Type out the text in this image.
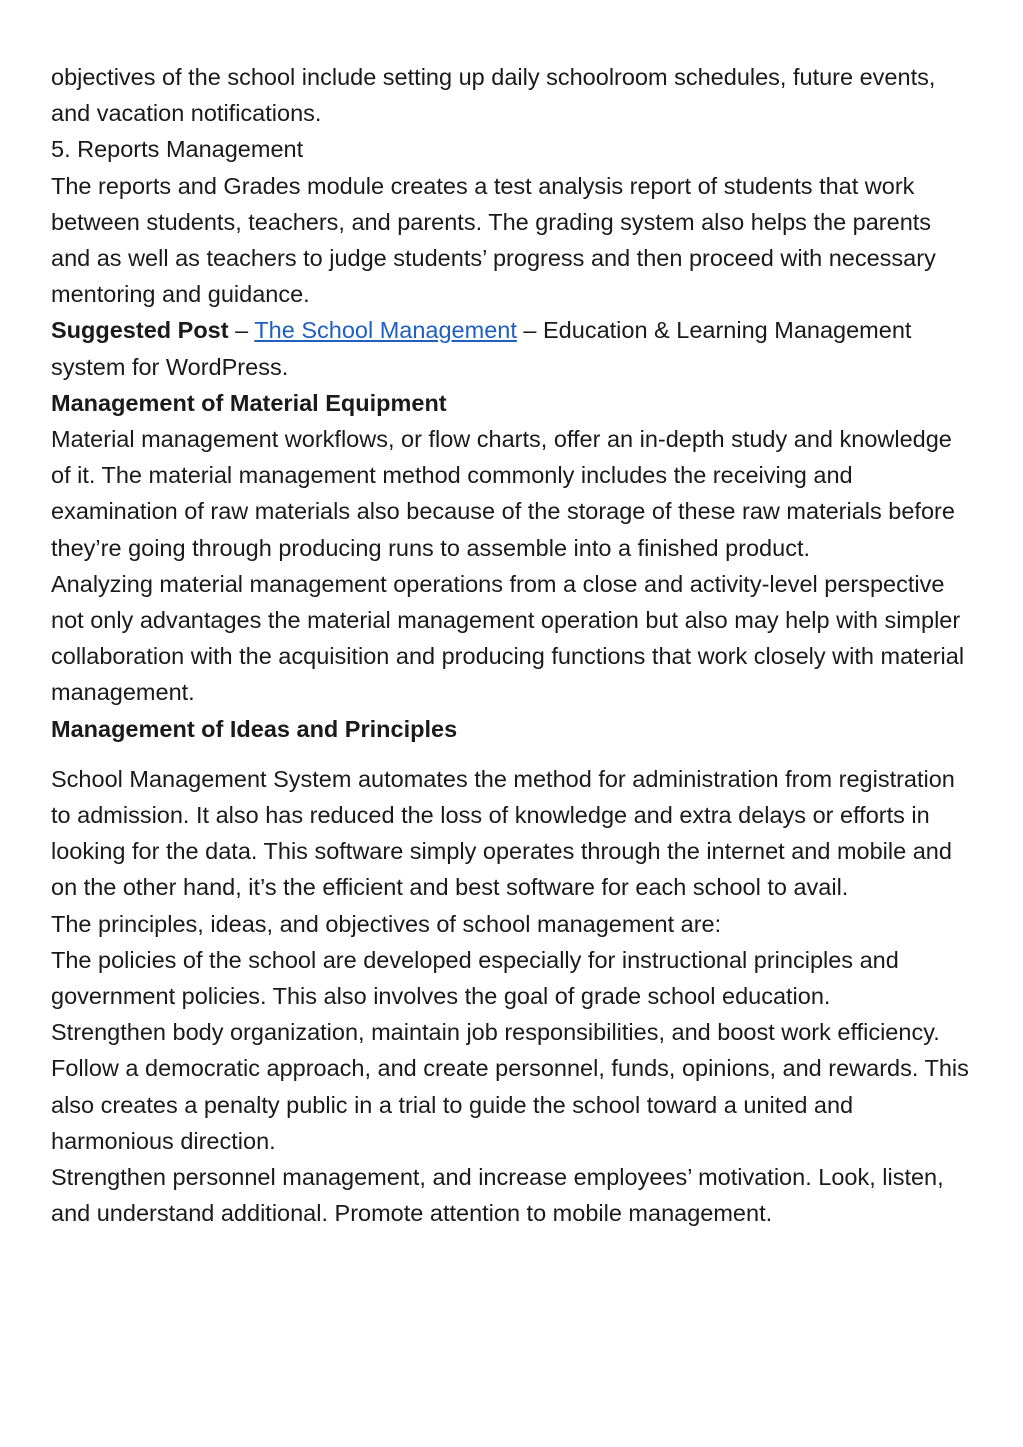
objectives of the school include setting up daily schoolroom schedules, future events, and vacation notifications.

5. Reports Management

The reports and Grades module creates a test analysis report of students that work between students, teachers, and parents. The grading system also helps the parents and as well as teachers to judge students’ progress and then proceed with necessary mentoring and guidance.

Suggested Post – The School Management – Education & Learning Management system for WordPress.

Management of Material Equipment

Material management workflows, or flow charts, offer an in-depth study and knowledge of it. The material management method commonly includes the receiving and examination of raw materials also because of the storage of these raw materials before they’re going through producing runs to assemble into a finished product.

Analyzing material management operations from a close and activity-level perspective not only advantages the material management operation but also may help with simpler collaboration with the acquisition and producing functions that work closely with material management.

Management of Ideas and Principles

School Management System automates the method for administration from registration to admission. It also has reduced the loss of knowledge and extra delays or efforts in looking for the data. This software simply operates through the internet and mobile and on the other hand, it’s the efficient and best software for each school to avail.

The principles, ideas, and objectives of school management are:

The policies of the school are developed especially for instructional principles and government policies. This also involves the goal of grade school education.

Strengthen body organization, maintain job responsibilities, and boost work efficiency. Follow a democratic approach, and create personnel, funds, opinions, and rewards. This also creates a penalty public in a trial to guide the school toward a united and harmonious direction.

Strengthen personnel management, and increase employees’ motivation. Look, listen, and understand additional. Promote attention to mobile management.
